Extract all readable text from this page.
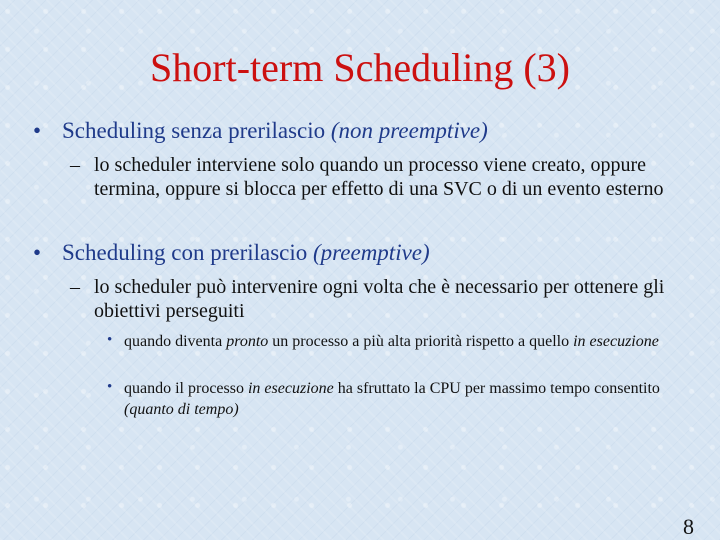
Short-term Scheduling (3)
• Scheduling senza prerilascio (non preemptive)
– lo scheduler interviene solo quando un processo viene creato, oppure termina, oppure si blocca per effetto di una SVC o di un evento esterno
• Scheduling con prerilascio (preemptive)
– lo scheduler può intervenire ogni volta che è necessario per ottenere gli obiettivi perseguiti
• quando diventa pronto un processo a più alta priorità rispetto a quello in esecuzione
• quando il processo in esecuzione ha sfruttato la CPU per massimo tempo consentito (quanto di tempo)
8
